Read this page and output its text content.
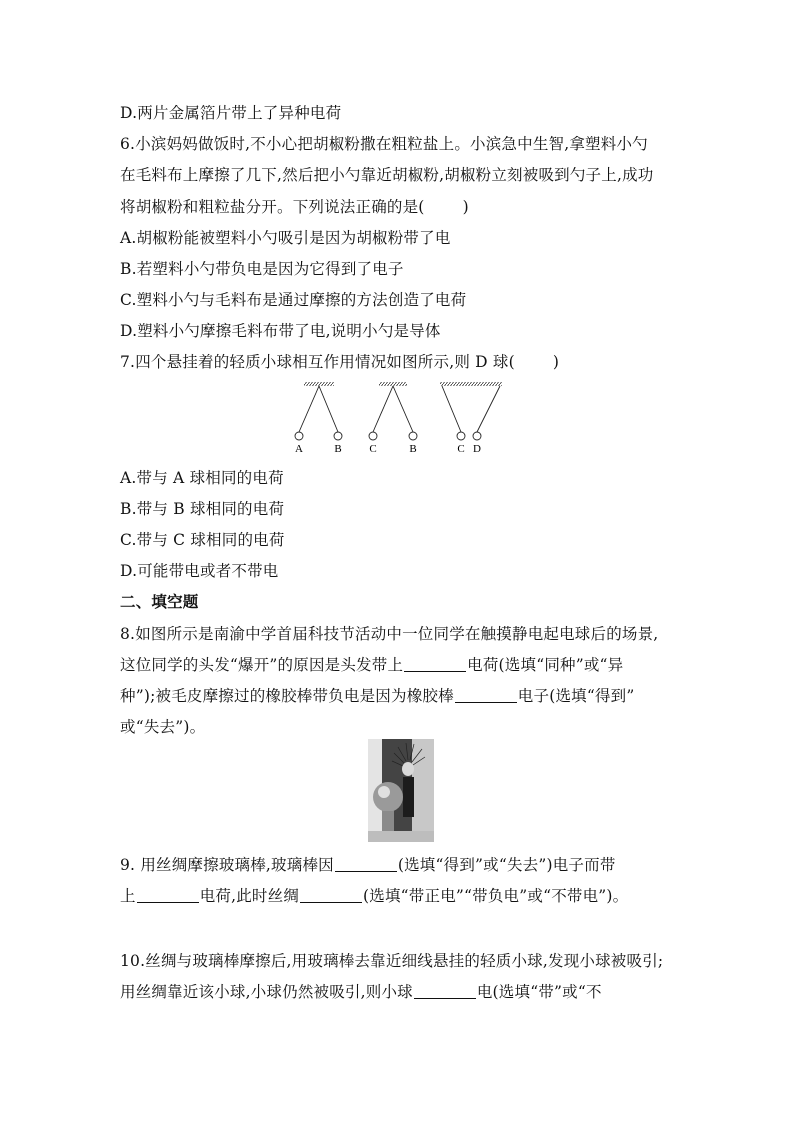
D.两片金属箔片带上了异种电荷
6.小滨妈妈做饭时,不小心把胡椒粉撒在粗粒盐上。小滨急中生智,拿塑料小勺
在毛料布上摩擦了几下,然后把小勺靠近胡椒粉,胡椒粉立刻被吸到勺子上,成功
将胡椒粉和粗粒盐分开。下列说法正确的是( )
A.胡椒粉能被塑料小勺吸引是因为胡椒粉带了电
B.若塑料小勺带负电是因为它得到了电子
C.塑料小勺与毛料布是通过摩擦的方法创造了电荷
D.塑料小勺摩擦毛料布带了电,说明小勺是导体
7.四个悬挂着的轻质小球相互作用情况如图所示,则 D 球( )
A	B	C	B	C D
A.带与 A 球相同的电荷
B.带与 B 球相同的电荷
C.带与 C 球相同的电荷
D.可能带电或者不带电
二、填空题
8.如图所示是南渝中学首届科技节活动中一位同学在触摸静电起电球后的场景,
这位同学的头发“爆开”的原因是头发带上	电荷(选填“同种”或“异
种”);被毛皮摩擦过的橡胶棒带负电是因为橡胶棒	电子(选填“得到”
或“失去”)。
9. 用丝绸摩擦玻璃棒,玻璃棒因	(选填“得到”或“失去”)电子而带
上	电荷,此时丝绸	(选填“带正电”“带负电”或“不带电”)。
10.丝绸与玻璃棒摩擦后,用玻璃棒去靠近细线悬挂的轻质小球,发现小球被吸引;
用丝绸靠近该小球,小球仍然被吸引,则小球	电(选填“带”或“不
